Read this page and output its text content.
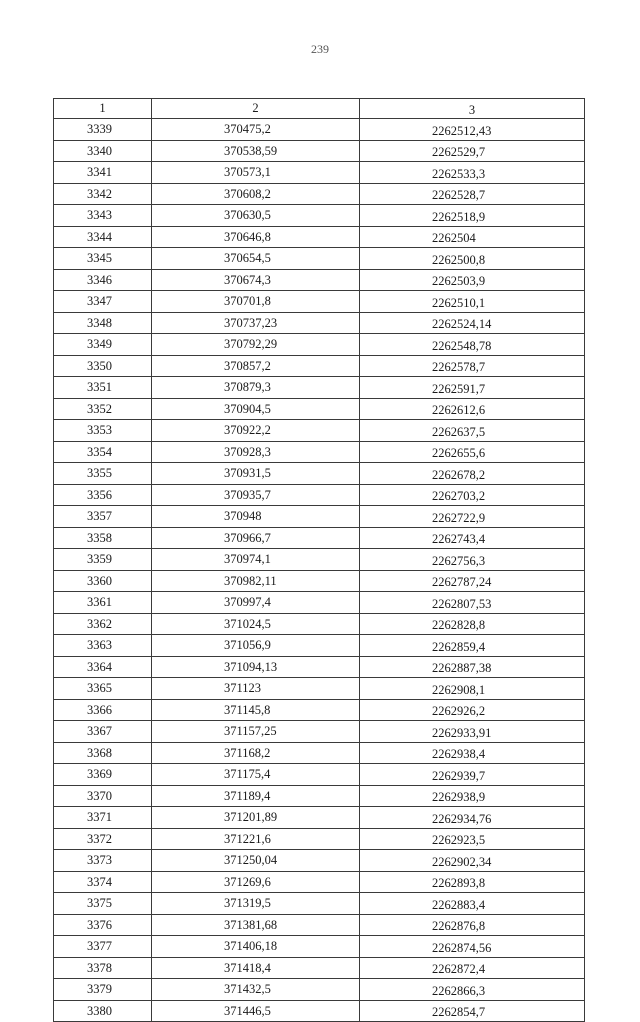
239
1	2	3
3339	370475,2	2262512,43
3340	370538,59	2262529,7
3341	370573,1	2262533,3
3342	370608,2	2262528,7
3343	370630,5	2262518,9
3344	370646,8	2262504
3345	370654,5	2262500,8
3346	370674,3	2262503,9
3347	370701,8	2262510,1
3348	370737,23	2262524,14
3349	370792,29	2262548,78
3350	370857,2	2262578,7
3351	370879,3	2262591,7
3352	370904,5	2262612,6
3353	370922,2	2262637,5
3354	370928,3	2262655,6
3355	370931,5	2262678,2
3356	370935,7	2262703,2
3357	370948	2262722,9
3358	370966,7	2262743,4
3359	370974,1	2262756,3
3360	370982,11	2262787,24
3361	370997,4	2262807,53
3362	371024,5	2262828,8
3363	371056,9	2262859,4
3364	371094,13	2262887,38
3365	371123	2262908,1
3366	371145,8	2262926,2
3367	371157,25	2262933,91
3368	371168,2	2262938,4
3369	371175,4	2262939,7
3370	371189,4	2262938,9
3371	371201,89	2262934,76
3372	371221,6	2262923,5
3373	371250,04	2262902,34
3374	371269,6	2262893,8
3375	371319,5	2262883,4
3376	371381,68	2262876,8
3377	371406,18	2262874,56
3378	371418,4	2262872,4
3379	371432,5	2262866,3
3380	371446,5	2262854,7
